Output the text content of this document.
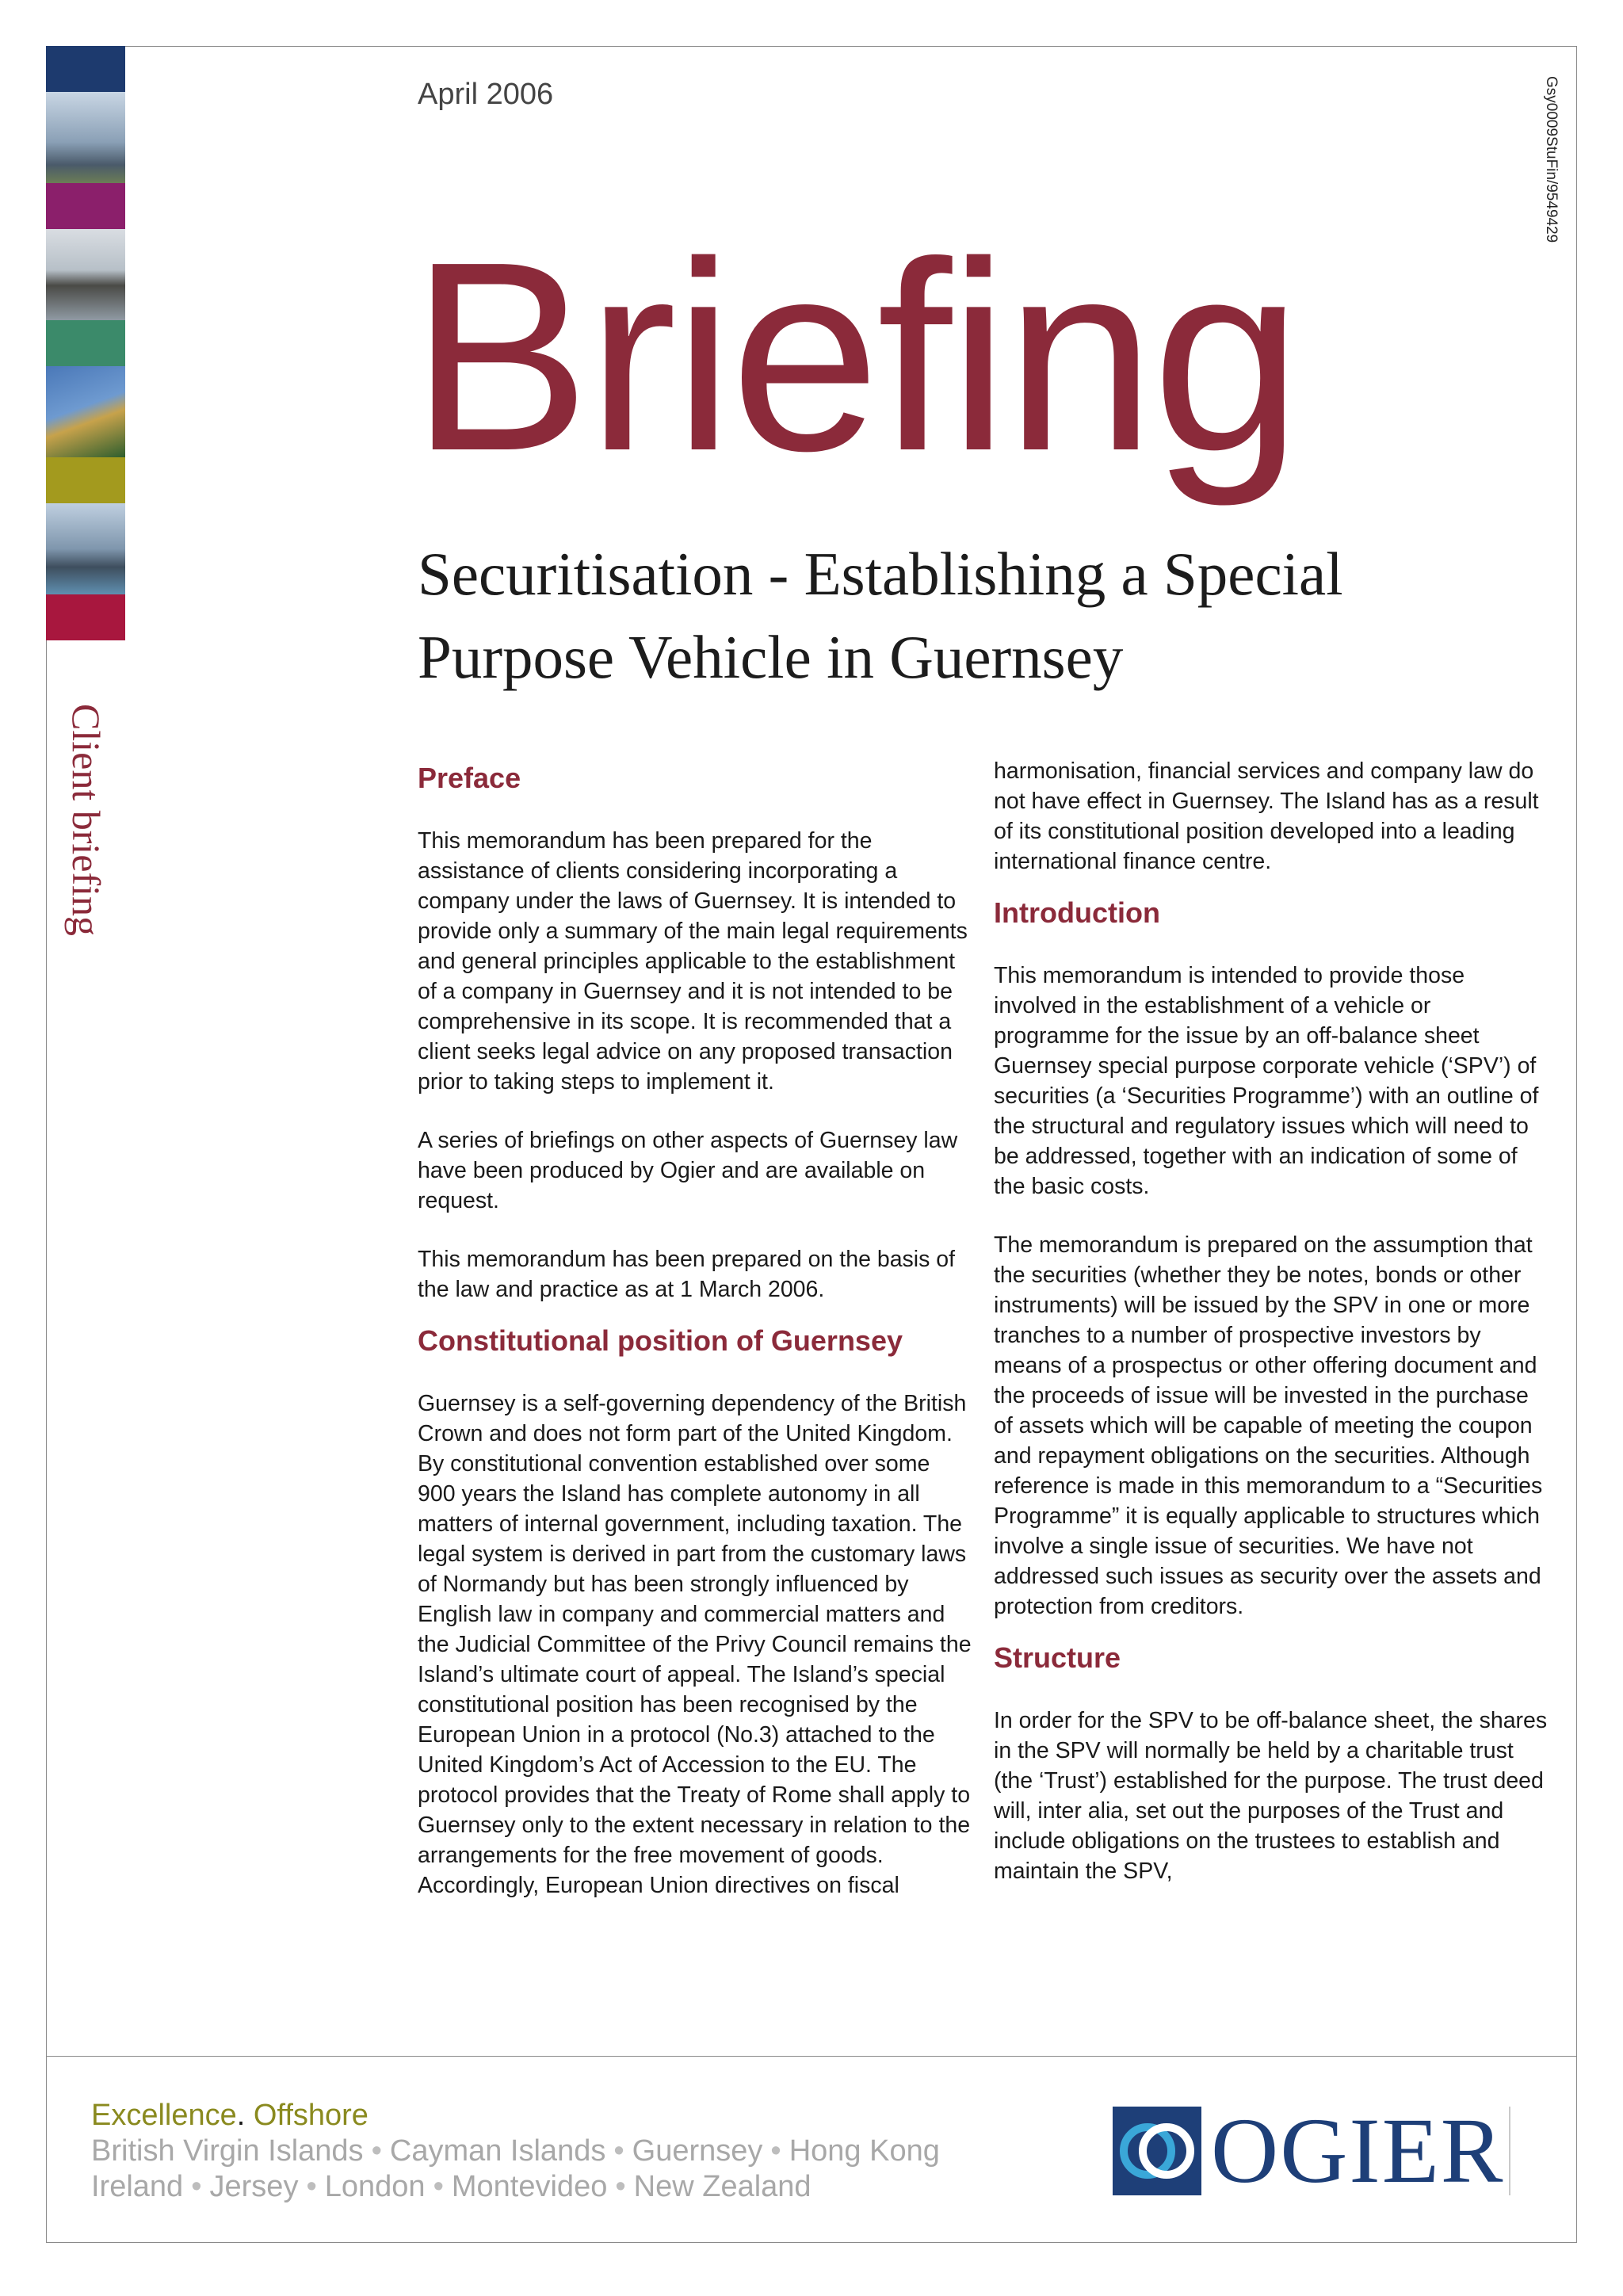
Client briefing
Gsy0009StuFin/9549429
April 2006
Briefing
Securitisation - Establishing a Special Purpose Vehicle in Guernsey
Preface

This memorandum has been prepared for the assistance of clients considering incorporating a company under the laws of Guernsey. It is intended to provide only a summary of the main legal requirements and general principles applicable to the establishment of a company in Guernsey and it is not intended to be comprehensive in its scope. It is recommended that a client seeks legal advice on any proposed transaction prior to taking steps to implement it.

A series of briefings on other aspects of Guernsey law have been produced by Ogier and are available on request.

This memorandum has been prepared on the basis of the law and practice as at 1 March 2006.

Constitutional position of Guernsey

Guernsey is a self-governing dependency of the British Crown and does not form part of the United Kingdom. By constitutional convention established over some 900 years the Island has complete autonomy in all matters of internal government, including taxation. The legal system is derived in part from the customary laws of Normandy but has been strongly influenced by English law in company and commercial matters and the Judicial Committee of the Privy Council remains the Island’s ultimate court of appeal. The Island’s special constitutional position has been recognised by the European Union in a protocol (No.3) attached to the United Kingdom’s Act of Accession to the EU. The protocol provides that the Treaty of Rome shall apply to Guernsey only to the extent necessary in relation to the arrangements for the free movement of goods. Accordingly, European Union directives on fiscal

harmonisation, financial services and company law do not have effect in Guernsey. The Island has as a result of its constitutional position developed into a leading international finance centre.

Introduction

This memorandum is intended to provide those involved in the establishment of a vehicle or programme for the issue by an off-balance sheet Guernsey special purpose corporate vehicle (‘SPV’) of securities (a ‘Securities Programme’) with an outline of the structural and regulatory issues which will need to be addressed, together with an indication of some of the basic costs.

The memorandum is prepared on the assumption that the securities (whether they be notes, bonds or other instruments) will be issued by the SPV in one or more tranches to a number of prospective investors by means of a prospectus or other offering document and the proceeds of issue will be invested in the purchase of assets which will be capable of meeting the coupon and repayment obligations on the securities. Although reference is made in this memorandum to a “Securities Programme” it is equally applicable to structures which involve a single issue of securities. We have not addressed such issues as security over the assets and protection from creditors.

Structure

In order for the SPV to be off-balance sheet, the shares in the SPV will normally be held by a charitable trust (the ‘Trust’) established for the purpose. The trust deed will, inter alia, set out the purposes of the Trust and include obligations on the trustees to establish and maintain the SPV,

Excellence. Offshore
British Virgin Islands • Cayman Islands • Guernsey • Hong Kong
Ireland • Jersey • London • Montevideo • New Zealand	OGIER
